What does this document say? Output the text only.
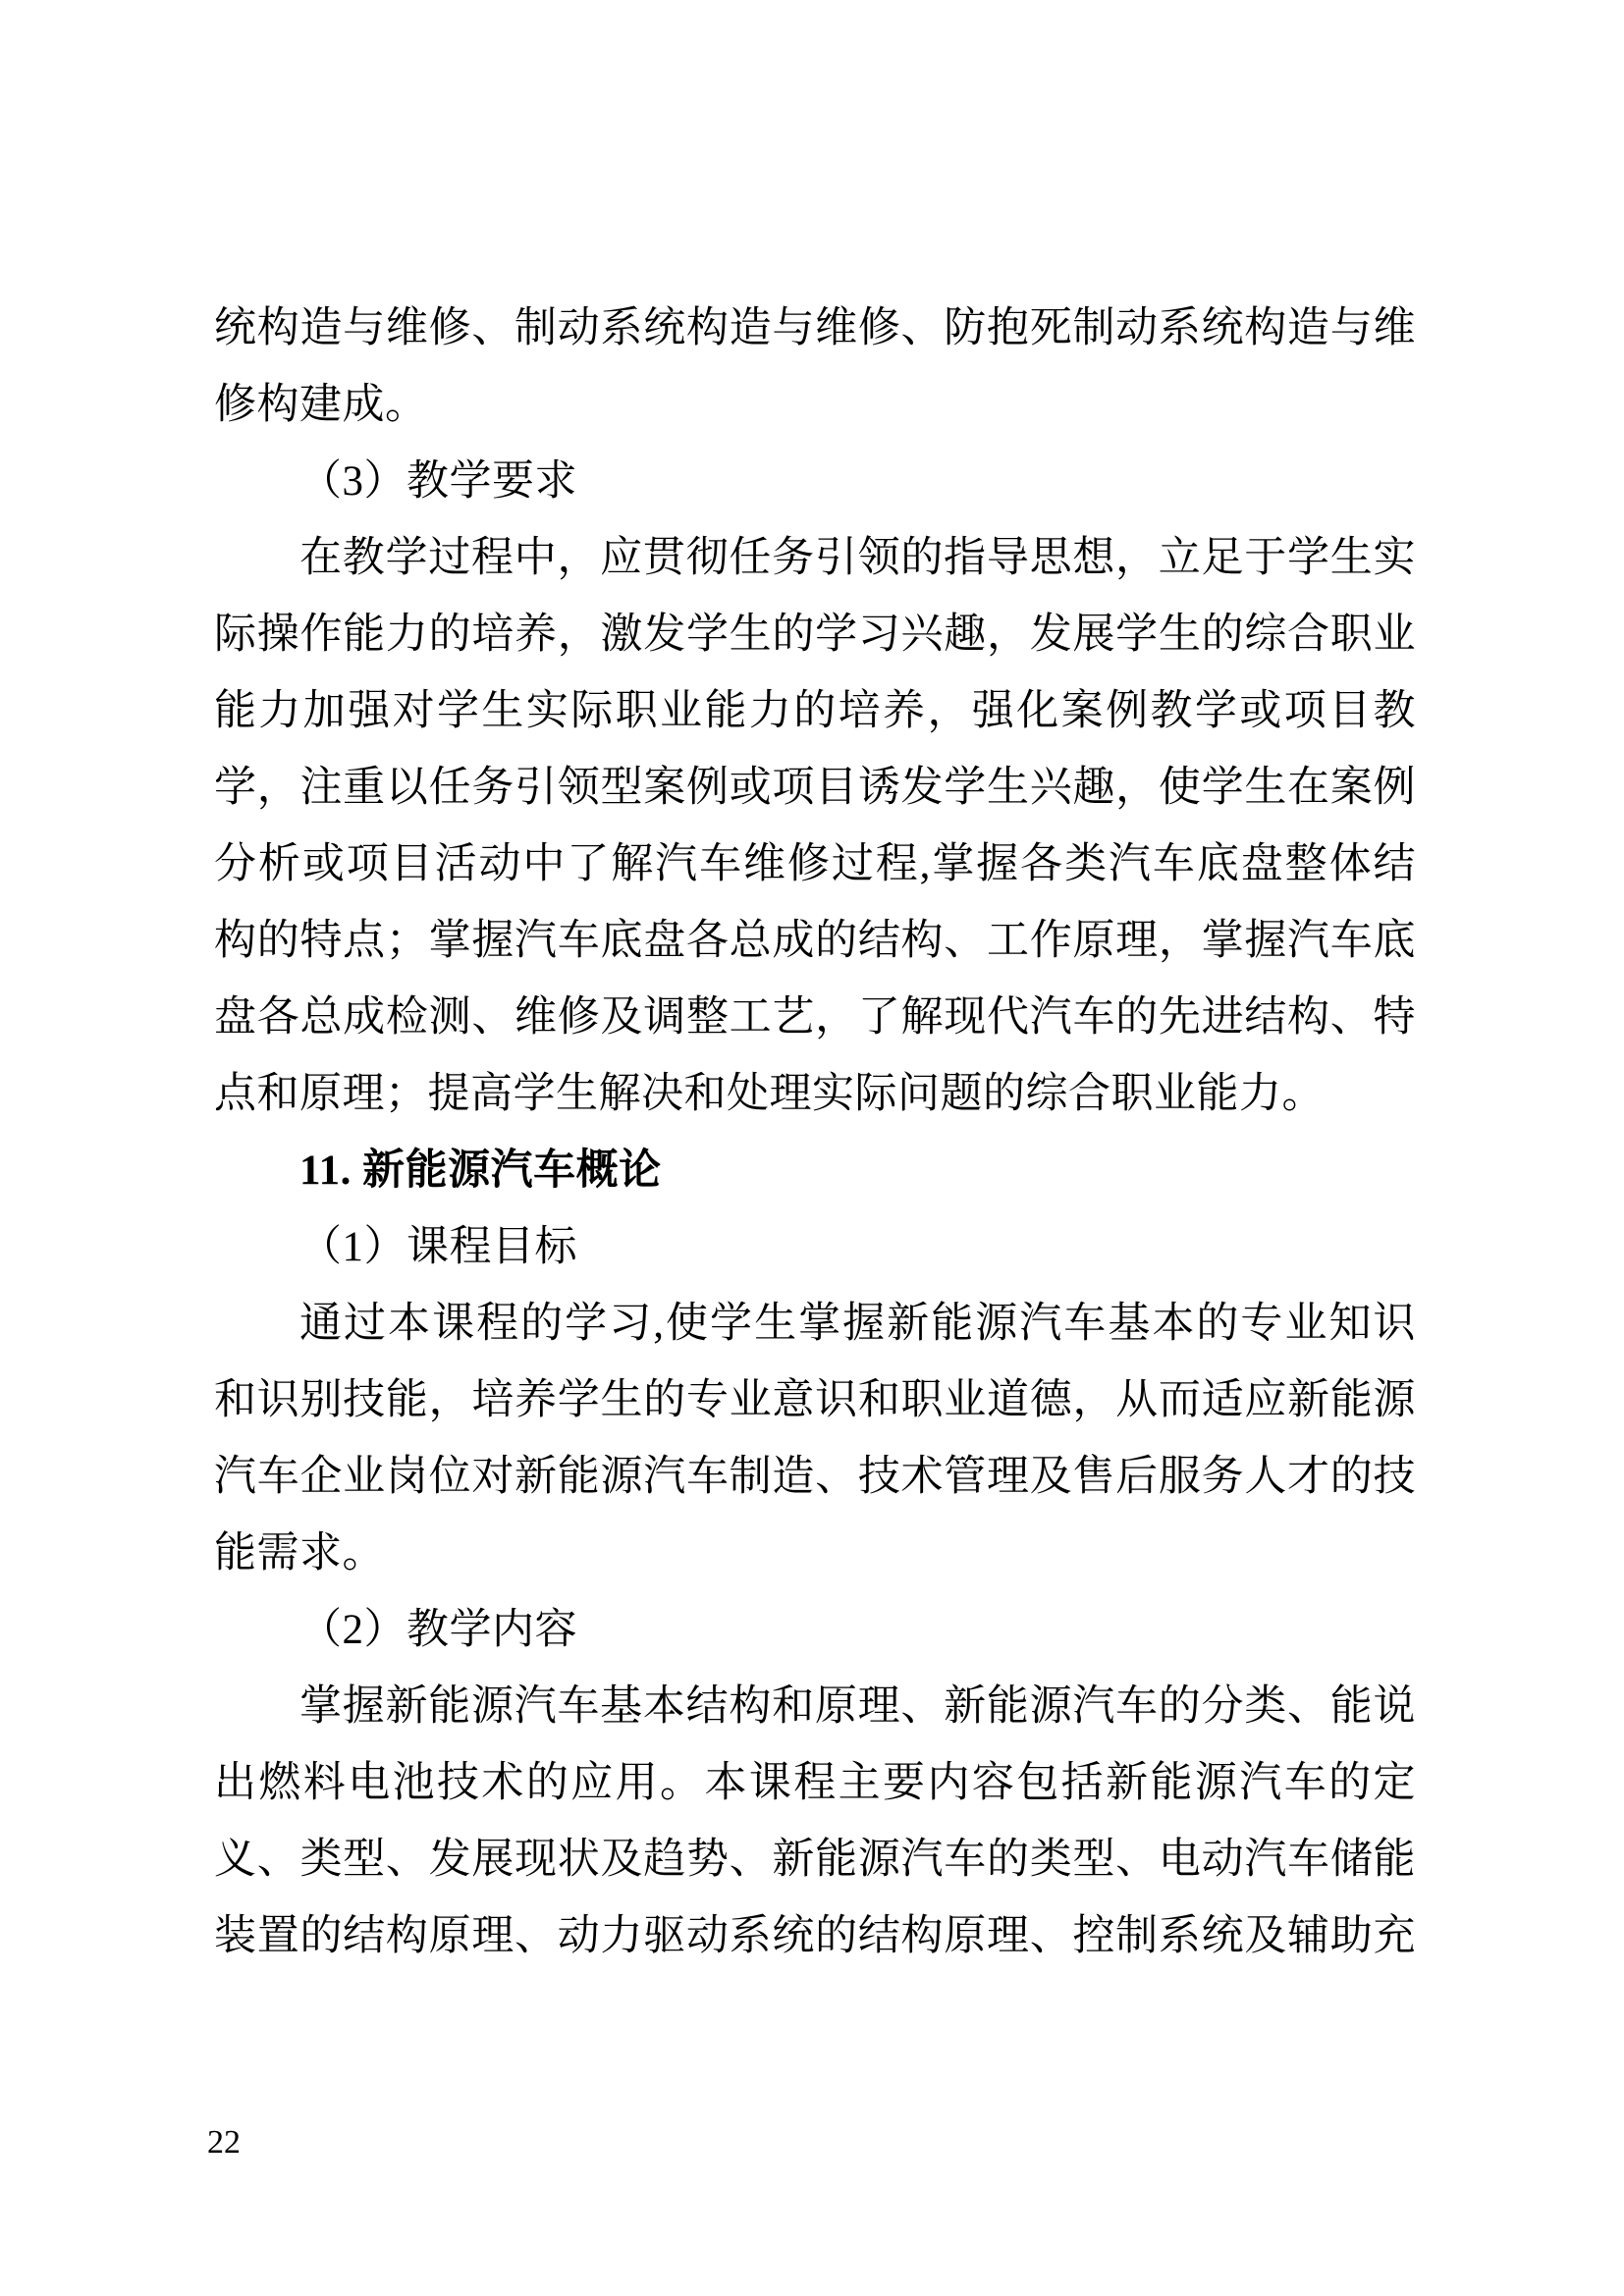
统构造与维修、制动系统构造与维修、防抱死制动系统构造与维
修构建成。
（3）教学要求
在教学过程中，应贯彻任务引领的指导思想，立足于学生实
际操作能力的培养，激发学生的学习兴趣，发展学生的综合职业
能力加强对学生实际职业能力的培养，强化案例教学或项目教
学，注重以任务引领型案例或项目诱发学生兴趣，使学生在案例
分析或项目活动中了解汽车维修过程,掌握各类汽车底盘整体结
构的特点；掌握汽车底盘各总成的结构、工作原理，掌握汽车底
盘各总成检测、维修及调整工艺，了解现代汽车的先进结构、特
点和原理；提高学生解决和处理实际问题的综合职业能力。
11. 新能源汽车概论
（1）课程目标
通过本课程的学习,使学生掌握新能源汽车基本的专业知识
和识别技能，培养学生的专业意识和职业道德，从而适应新能源
汽车企业岗位对新能源汽车制造、技术管理及售后服务人才的技
能需求。
（2）教学内容
掌握新能源汽车基本结构和原理、新能源汽车的分类、能说
出燃料电池技术的应用。本课程主要内容包括新能源汽车的定
义、类型、发展现状及趋势、新能源汽车的类型、电动汽车储能
装置的结构原理、动力驱动系统的结构原理、控制系统及辅助充
22
